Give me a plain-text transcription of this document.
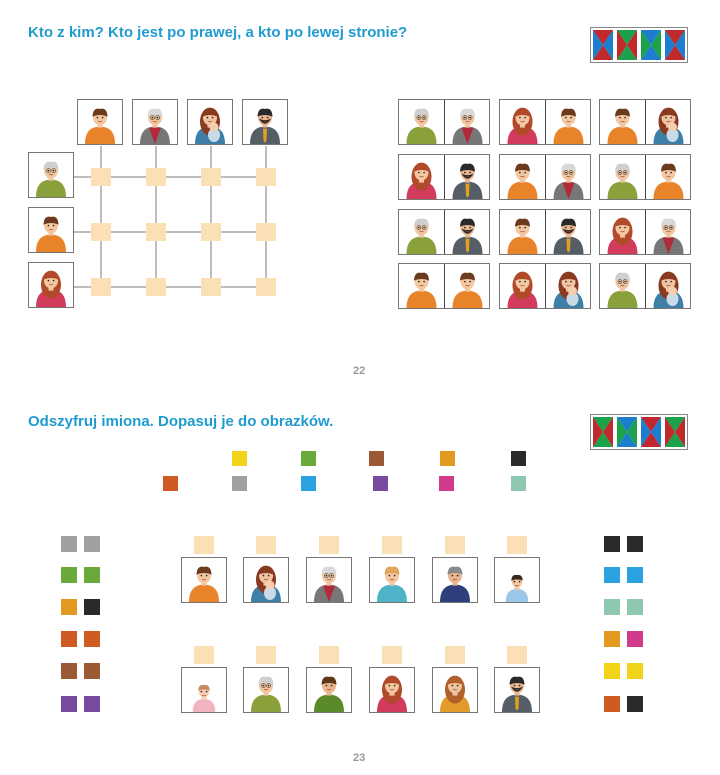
Kto z kim? Kto jest po prawej, a kto po lewej stronie?
22
Odszyfruj imiona. Dopasuj je do obrazków.
23
